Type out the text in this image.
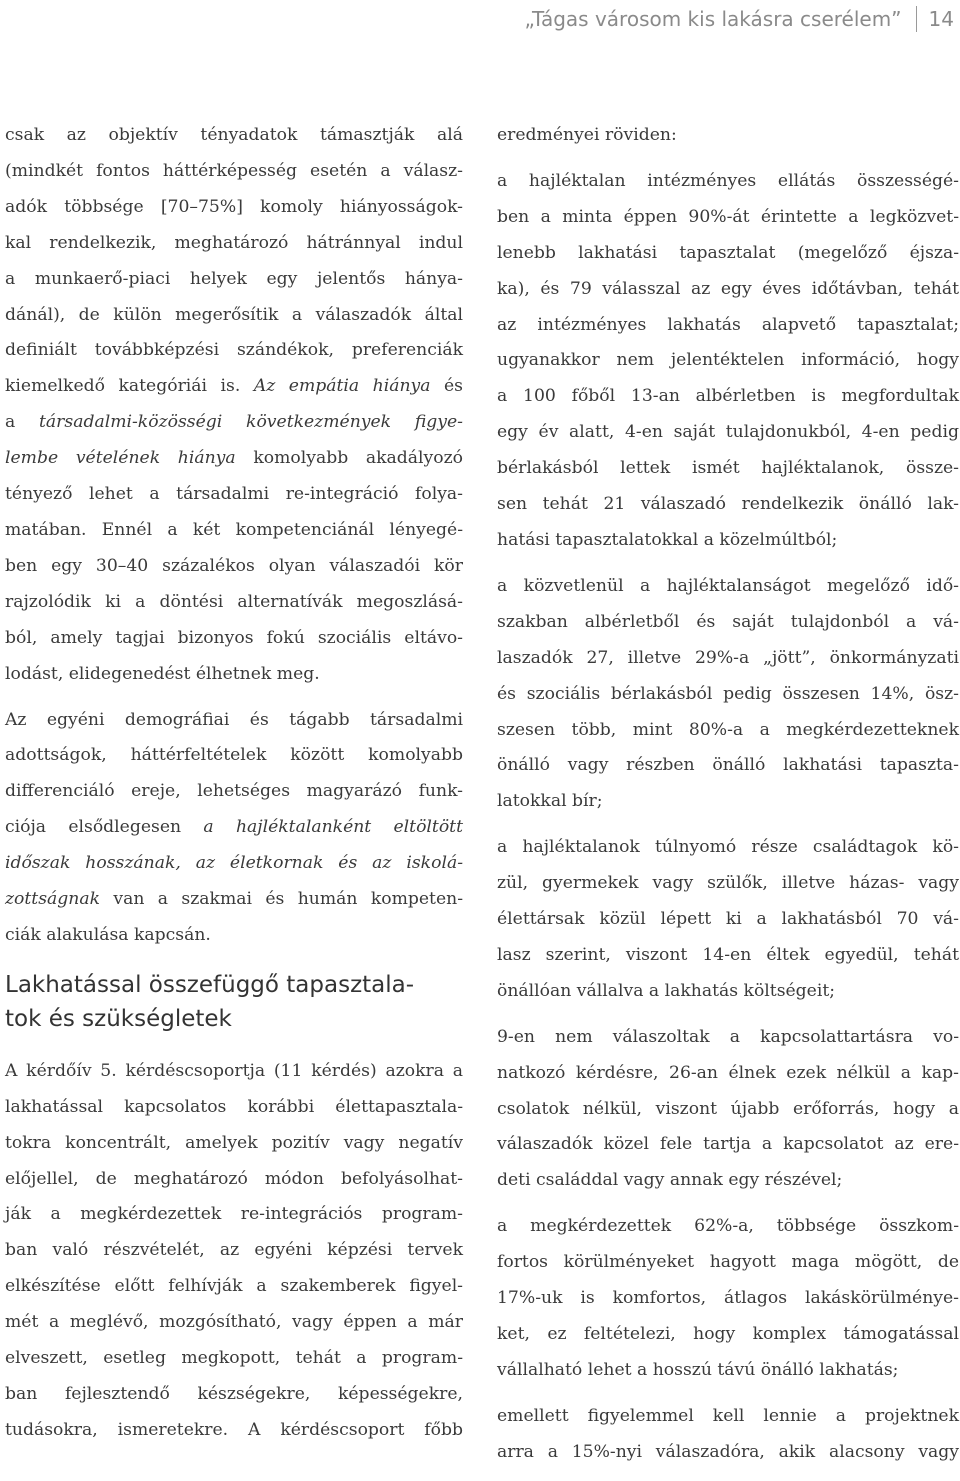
„Tágas városom kis lakásra cserélem” 14

csak az objektív tényadatok támasztják alá
(mindkét fontos háttérképesség esetén a válasz-
adók többsége [70–75%] komoly hiányosságok-
kal rendelkezik, meghatározó hátránnyal indul
a munkaerő-piaci helyek egy jelentős hánya-
dánál), de külön megerősítik a válaszadók által
definiált továbbképzési szándékok, preferenciák
kiemelkedő kategóriái is. Az empátia hiánya és
a társadalmi-közösségi következmények figye-
lembe vételének hiánya komolyabb akadályozó
tényező lehet a társadalmi re-integráció folya-
matában. Ennél a két kompetenciánál lényegé-
ben egy 30–40 százalékos olyan válaszadói kör
rajzolódik ki a döntési alternatívák megoszlásá-
ból, amely tagjai bizonyos fokú szociális eltávo-
lodást, elidegenedést élhetnek meg.

Az egyéni demográfiai és tágabb társadalmi
adottságok, háttérfeltételek között komolyabb
differenciáló ereje, lehetséges magyarázó funk-
ciója elsődlegesen a hajléktalanként eltöltött
időszak hosszának, az életkornak és az iskolá-
zottságnak van a szakmai és humán kompeten-
ciák alakulása kapcsán.

Lakhatással összefüggő tapasztala-
tok és szükségletek

A kérdőív 5. kérdéscsoportja (11 kérdés) azokra a
lakhatással kapcsolatos korábbi élettapasztala-
tokra koncentrált, amelyek pozitív vagy negatív
előjellel, de meghatározó módon befolyásolhat-
ják a megkérdezettek re-integrációs program-
ban való részvételét, az egyéni képzési tervek
elkészítése előtt felhívják a szakemberek figyel-
mét a meglévő, mozgósítható, vagy éppen a már
elveszett, esetleg megkopott, tehát a program-
ban fejlesztendő készségekre, képességekre,
tudásokra, ismeretekre. A kérdéscsoport főbb

eredményei röviden:

a hajléktalan intézményes ellátás összességé-
ben a minta éppen 90%-át érintette a legközvet-
lenebb lakhatási tapasztalat (megelőző éjsza-
ka), és 79 válasszal az egy éves időtávban, tehát
az intézményes lakhatás alapvető tapasztalat;
ugyanakkor nem jelentéktelen információ, hogy
a 100 főből 13-an albérletben is megfordultak
egy év alatt, 4-en saját tulajdonukból, 4-en pedig
bérlakásból lettek ismét hajléktalanok, össze-
sen tehát 21 válaszadó rendelkezik önálló lak-
hatási tapasztalatokkal a közelmúltból;

a közvetlenül a hajléktalanságot megelőző idő-
szakban albérletből és saját tulajdonból a vá-
laszadók 27, illetve 29%-a „jött”, önkormányzati
és szociális bérlakásból pedig összesen 14%, ösz-
szesen több, mint 80%-a a megkérdezetteknek
önálló vagy részben önálló lakhatási tapaszta-
latokkal bír;

a hajléktalanok túlnyomó része családtagok kö-
zül, gyermekek vagy szülők, illetve házas- vagy
élettársak közül lépett ki a lakhatásból 70 vá-
lasz szerint, viszont 14-en éltek egyedül, tehát
önállóan vállalva a lakhatás költségeit;

9-en nem válaszoltak a kapcsolattartásra vo-
natkozó kérdésre, 26-an élnek ezek nélkül a kap-
csolatok nélkül, viszont újabb erőforrás, hogy a
válaszadók közel fele tartja a kapcsolatot az ere-
deti családdal vagy annak egy részével;

a megkérdezettek 62%-a, többsége összkom-
fortos körülményeket hagyott maga mögött, de
17%-uk is komfortos, átlagos lakáskörülménye-
ket, ez feltételezi, hogy komplex támogatással
vállalható lehet a hosszú távú önálló lakhatás;

emellett figyelemmel kell lennie a projektnek
arra a 15%-nyi válaszadóra, akik alacsony vagy
